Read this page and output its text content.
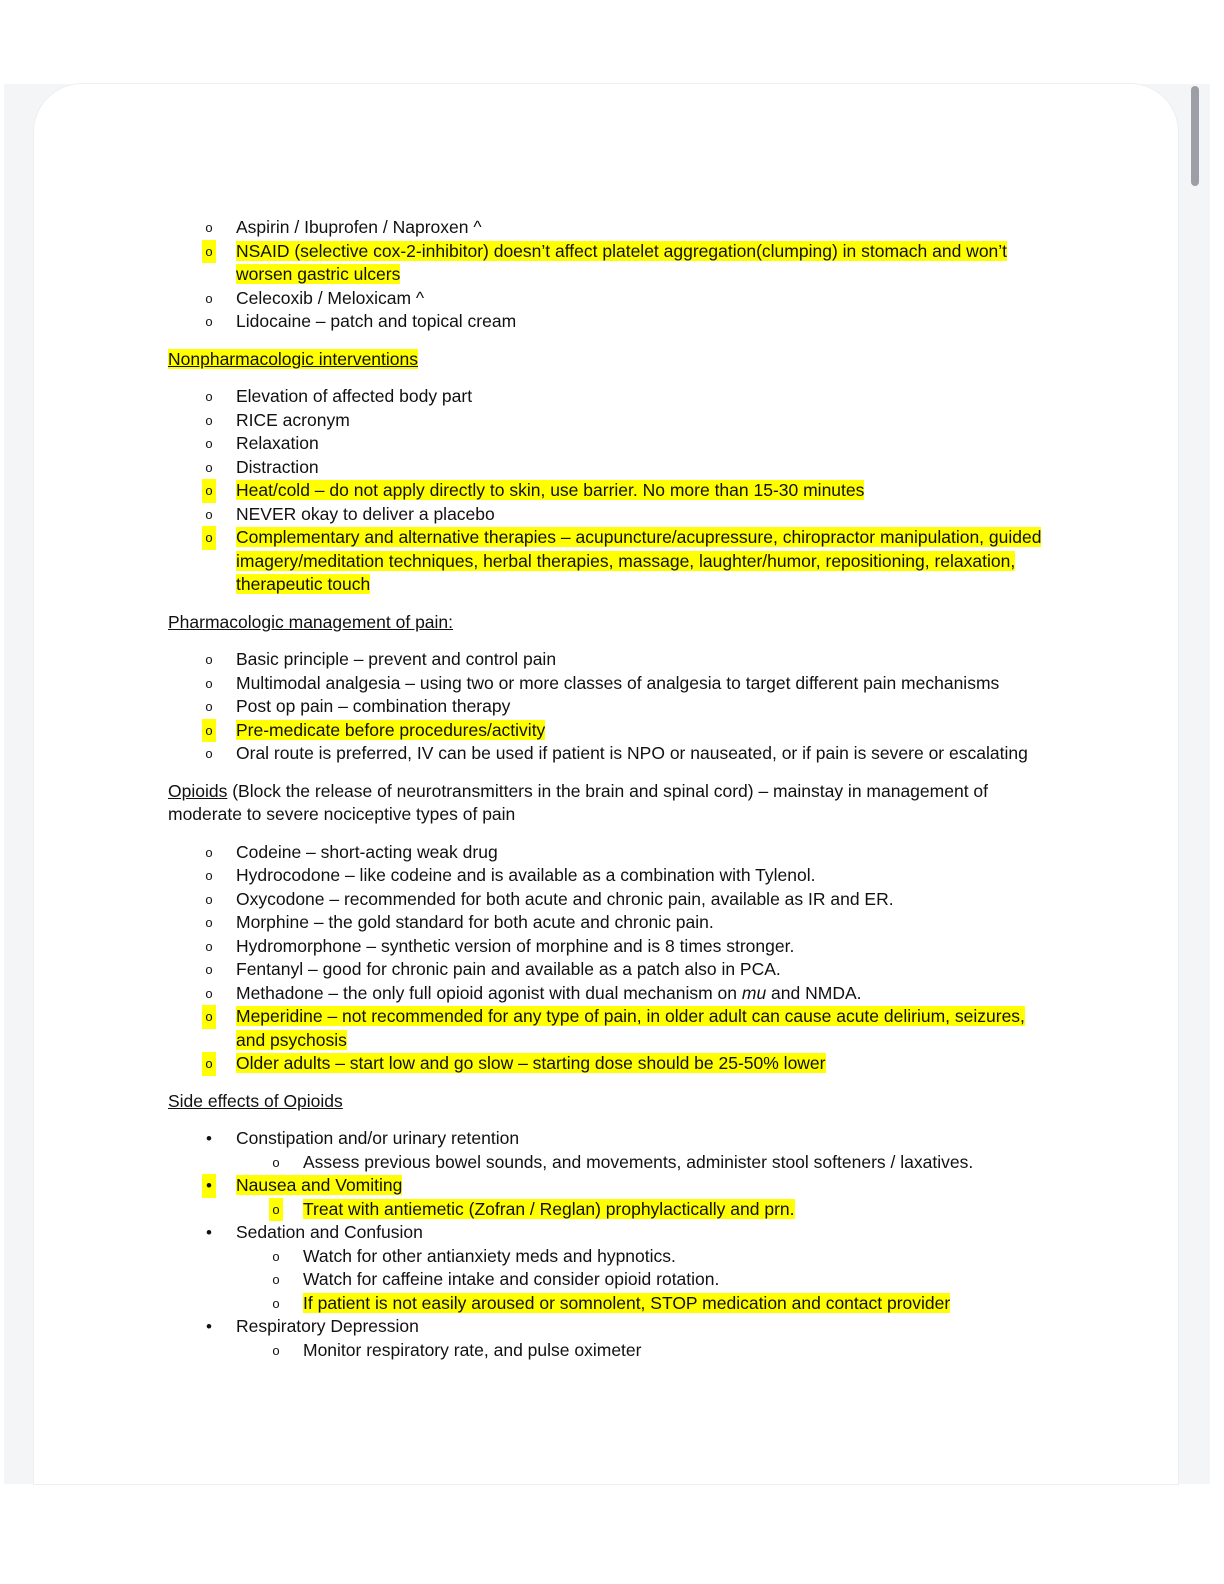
o Aspirin / Ibuprofen / Naproxen ^
o NSAID (selective cox-2-inhibitor) doesn’t affect platelet aggregation(clumping) in stomach and won’t worsen gastric ulcers
o Celecoxib / Meloxicam ^
o Lidocaine – patch and topical cream

Nonpharmacologic interventions

o Elevation of affected body part
o RICE acronym
o Relaxation
o Distraction
o Heat/cold – do not apply directly to skin, use barrier. No more than 15-30 minutes
o NEVER okay to deliver a placebo
o Complementary and alternative therapies – acupuncture/acupressure, chiropractor manipulation, guided imagery/meditation techniques, herbal therapies, massage, laughter/humor, repositioning, relaxation, therapeutic touch

Pharmacologic management of pain:

o Basic principle – prevent and control pain
o Multimodal analgesia – using two or more classes of analgesia to target different pain mechanisms
o Post op pain – combination therapy
o Pre-medicate before procedures/activity
o Oral route is preferred, IV can be used if patient is NPO or nauseated, or if pain is severe or escalating

Opioids (Block the release of neurotransmitters in the brain and spinal cord) – mainstay in management of moderate to severe nociceptive types of pain

o Codeine – short-acting weak drug
o Hydrocodone – like codeine and is available as a combination with Tylenol.
o Oxycodone – recommended for both acute and chronic pain, available as IR and ER.
o Morphine – the gold standard for both acute and chronic pain.
o Hydromorphone – synthetic version of morphine and is 8 times stronger.
o Fentanyl – good for chronic pain and available as a patch also in PCA.
o Methadone – the only full opioid agonist with dual mechanism on mu and NMDA.
o Meperidine – not recommended for any type of pain, in older adult can cause acute delirium, seizures, and psychosis
o Older adults – start low and go slow – starting dose should be 25-50% lower

Side effects of Opioids

• Constipation and/or urinary retention
o Assess previous bowel sounds, and movements, administer stool softeners / laxatives.
• Nausea and Vomiting
o Treat with antiemetic (Zofran / Reglan) prophylactically and prn.
• Sedation and Confusion
o Watch for other antianxiety meds and hypnotics.
o Watch for caffeine intake and consider opioid rotation.
o If patient is not easily aroused or somnolent, STOP medication and contact provider
• Respiratory Depression
o Monitor respiratory rate, and pulse oximeter
